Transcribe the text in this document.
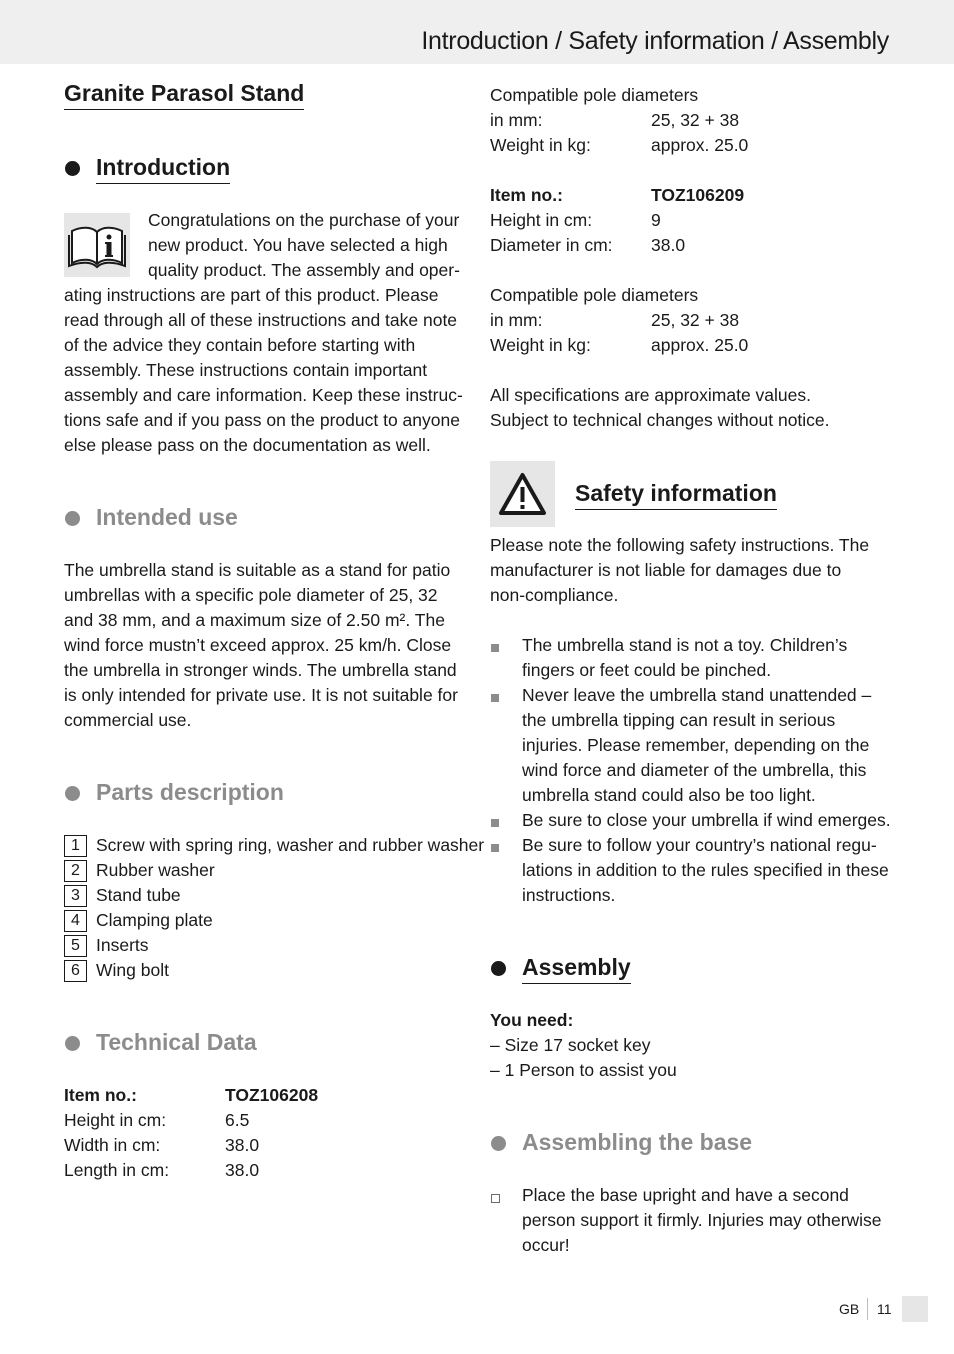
Introduction / Safety information / Assembly
Granite Parasol Stand
Introduction
Congratulations on the purchase of your
new product. You have selected a high
quality product. The assembly and oper-
ating instructions are part of this product. Please
read through all of these instructions and take note
of the advice they contain before starting with
assembly. These instructions contain important
assembly and care information. Keep these instruc-
tions safe and if you pass on the product to anyone
else please pass on the documentation as well.
Intended use
The umbrella stand is suitable as a stand for patio
umbrellas with a specific pole diameter of 25, 32
and 38 mm, and a maximum size of 2.50 m². The
wind force mustn’t exceed approx. 25 km/h. Close
the umbrella in stronger winds. The umbrella stand
is only intended for private use. It is not suitable for
commercial use.
Parts description
1 Screw with spring ring, washer and rubber washer
2 Rubber washer
3 Stand tube
4 Clamping plate
5 Inserts
6 Wing bolt
Technical Data
Item no.:	TOZ106208
Height in cm:	6.5
Width in cm:	38.0
Length in cm:	38.0
Compatible pole diameters
in mm:	25, 32 + 38
Weight in kg:	approx. 25.0
Item no.:	TOZ106209
Height in cm:	9
Diameter in cm: 38.0
Compatible pole diameters
in mm:	25, 32 + 38
Weight in kg:	approx. 25.0
All specifications are approximate values.
Subject to technical changes without notice.
Safety information
Please note the following safety instructions. The
manufacturer is not liable for damages due to
non-compliance.
The umbrella stand is not a toy. Children’s
fingers or feet could be pinched.
Never leave the umbrella stand unattended –
the umbrella tipping can result in serious
injuries. Please remember, depending on the
wind force and diameter of the umbrella, this
umbrella stand could also be too light.
Be sure to close your umbrella if wind emerges.
Be sure to follow your country’s national regu-
lations in addition to the rules specified in these
instructions.
Assembly
You need:
– Size 17 socket key
– 1 Person to assist you
Assembling the base
Place the base upright and have a second
person support it firmly. Injuries may otherwise
occur!
GB 11
